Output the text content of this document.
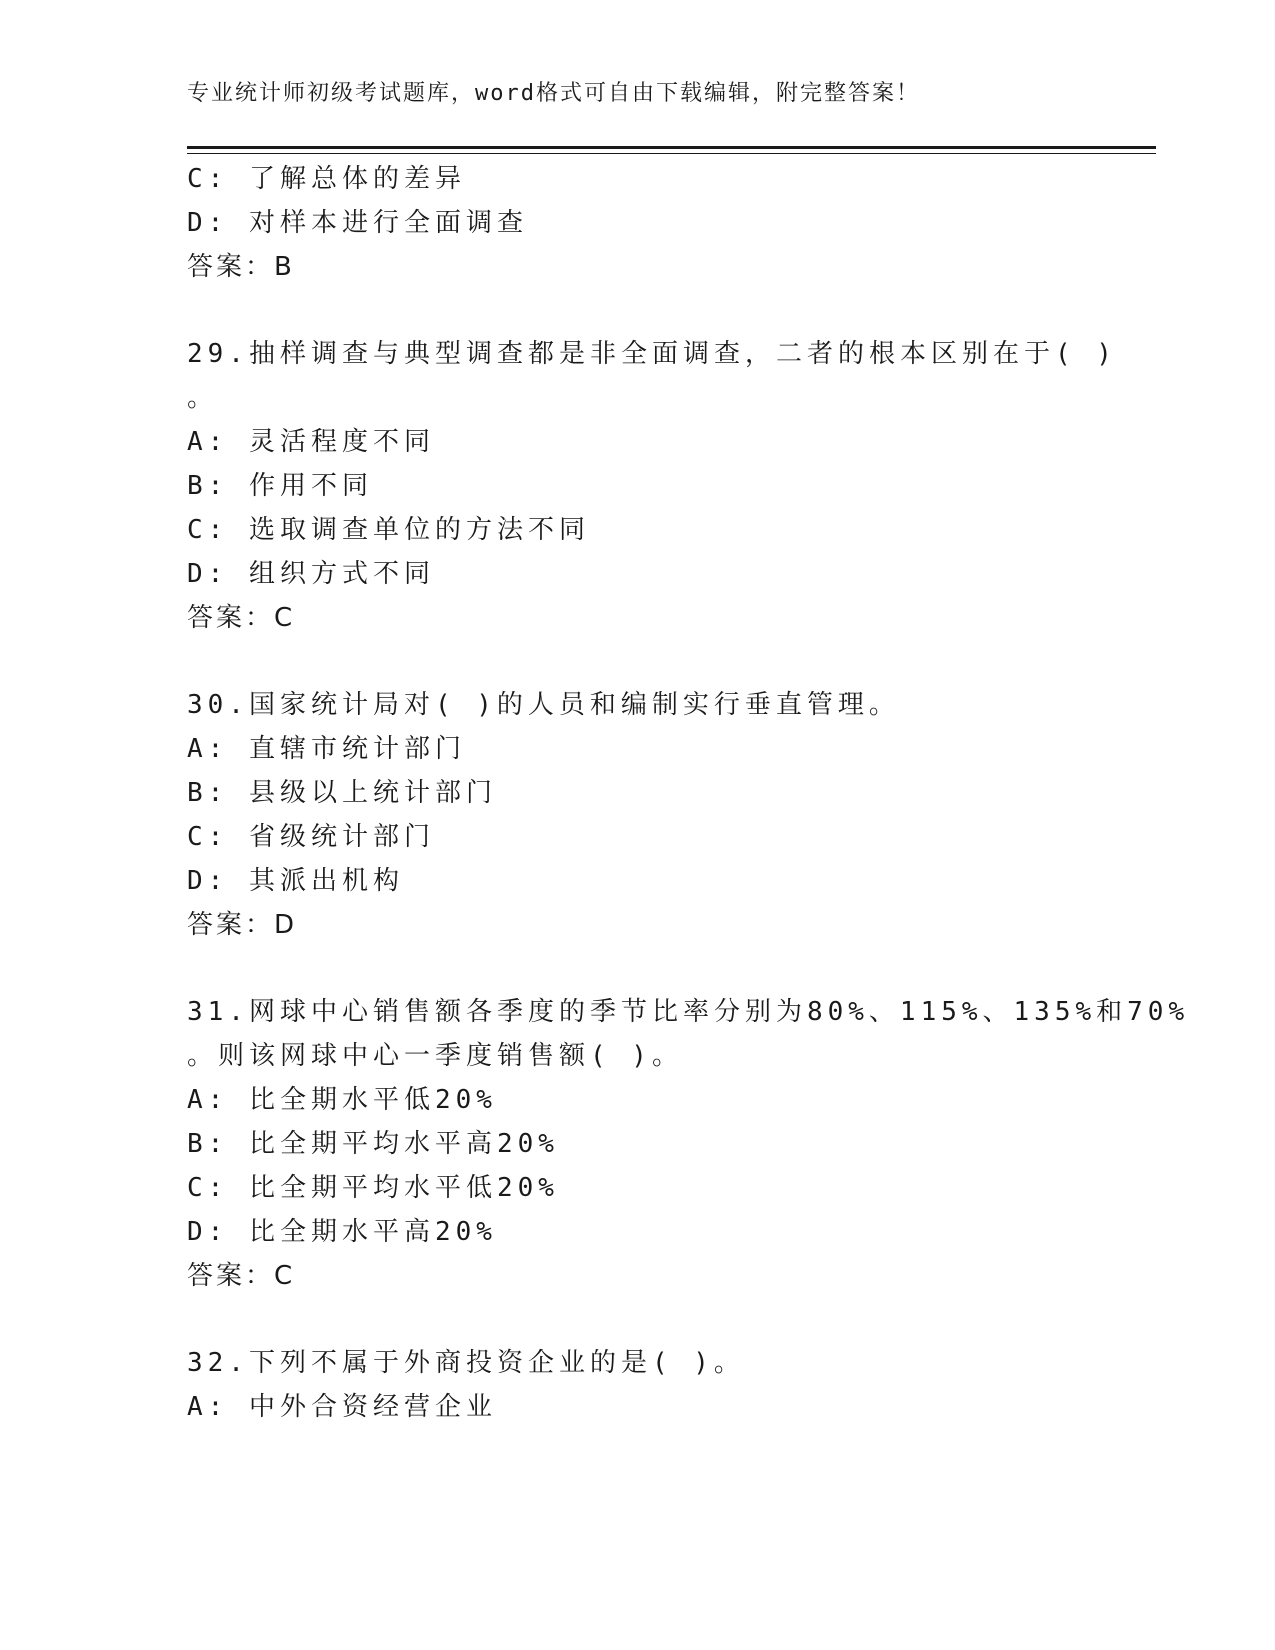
专业统计师初级考试题库，word格式可自由下载编辑，附完整答案！
C: 了解总体的差异
D: 对样本进行全面调查
答案：B
29.抽样调查与典型调查都是非全面调查，二者的根本区别在于( )
。
A: 灵活程度不同
B: 作用不同
C: 选取调查单位的方法不同
D: 组织方式不同
答案：C
30.国家统计局对( )的人员和编制实行垂直管理。
A: 直辖市统计部门
B: 县级以上统计部门
C: 省级统计部门
D: 其派出机构
答案：D
31.网球中心销售额各季度的季节比率分别为80%、115%、135%和70%
。则该网球中心一季度销售额( )。
A: 比全期水平低20%
B: 比全期平均水平高20%
C: 比全期平均水平低20%
D: 比全期水平高20%
答案：C
32.下列不属于外商投资企业的是( )。
A: 中外合资经营企业
